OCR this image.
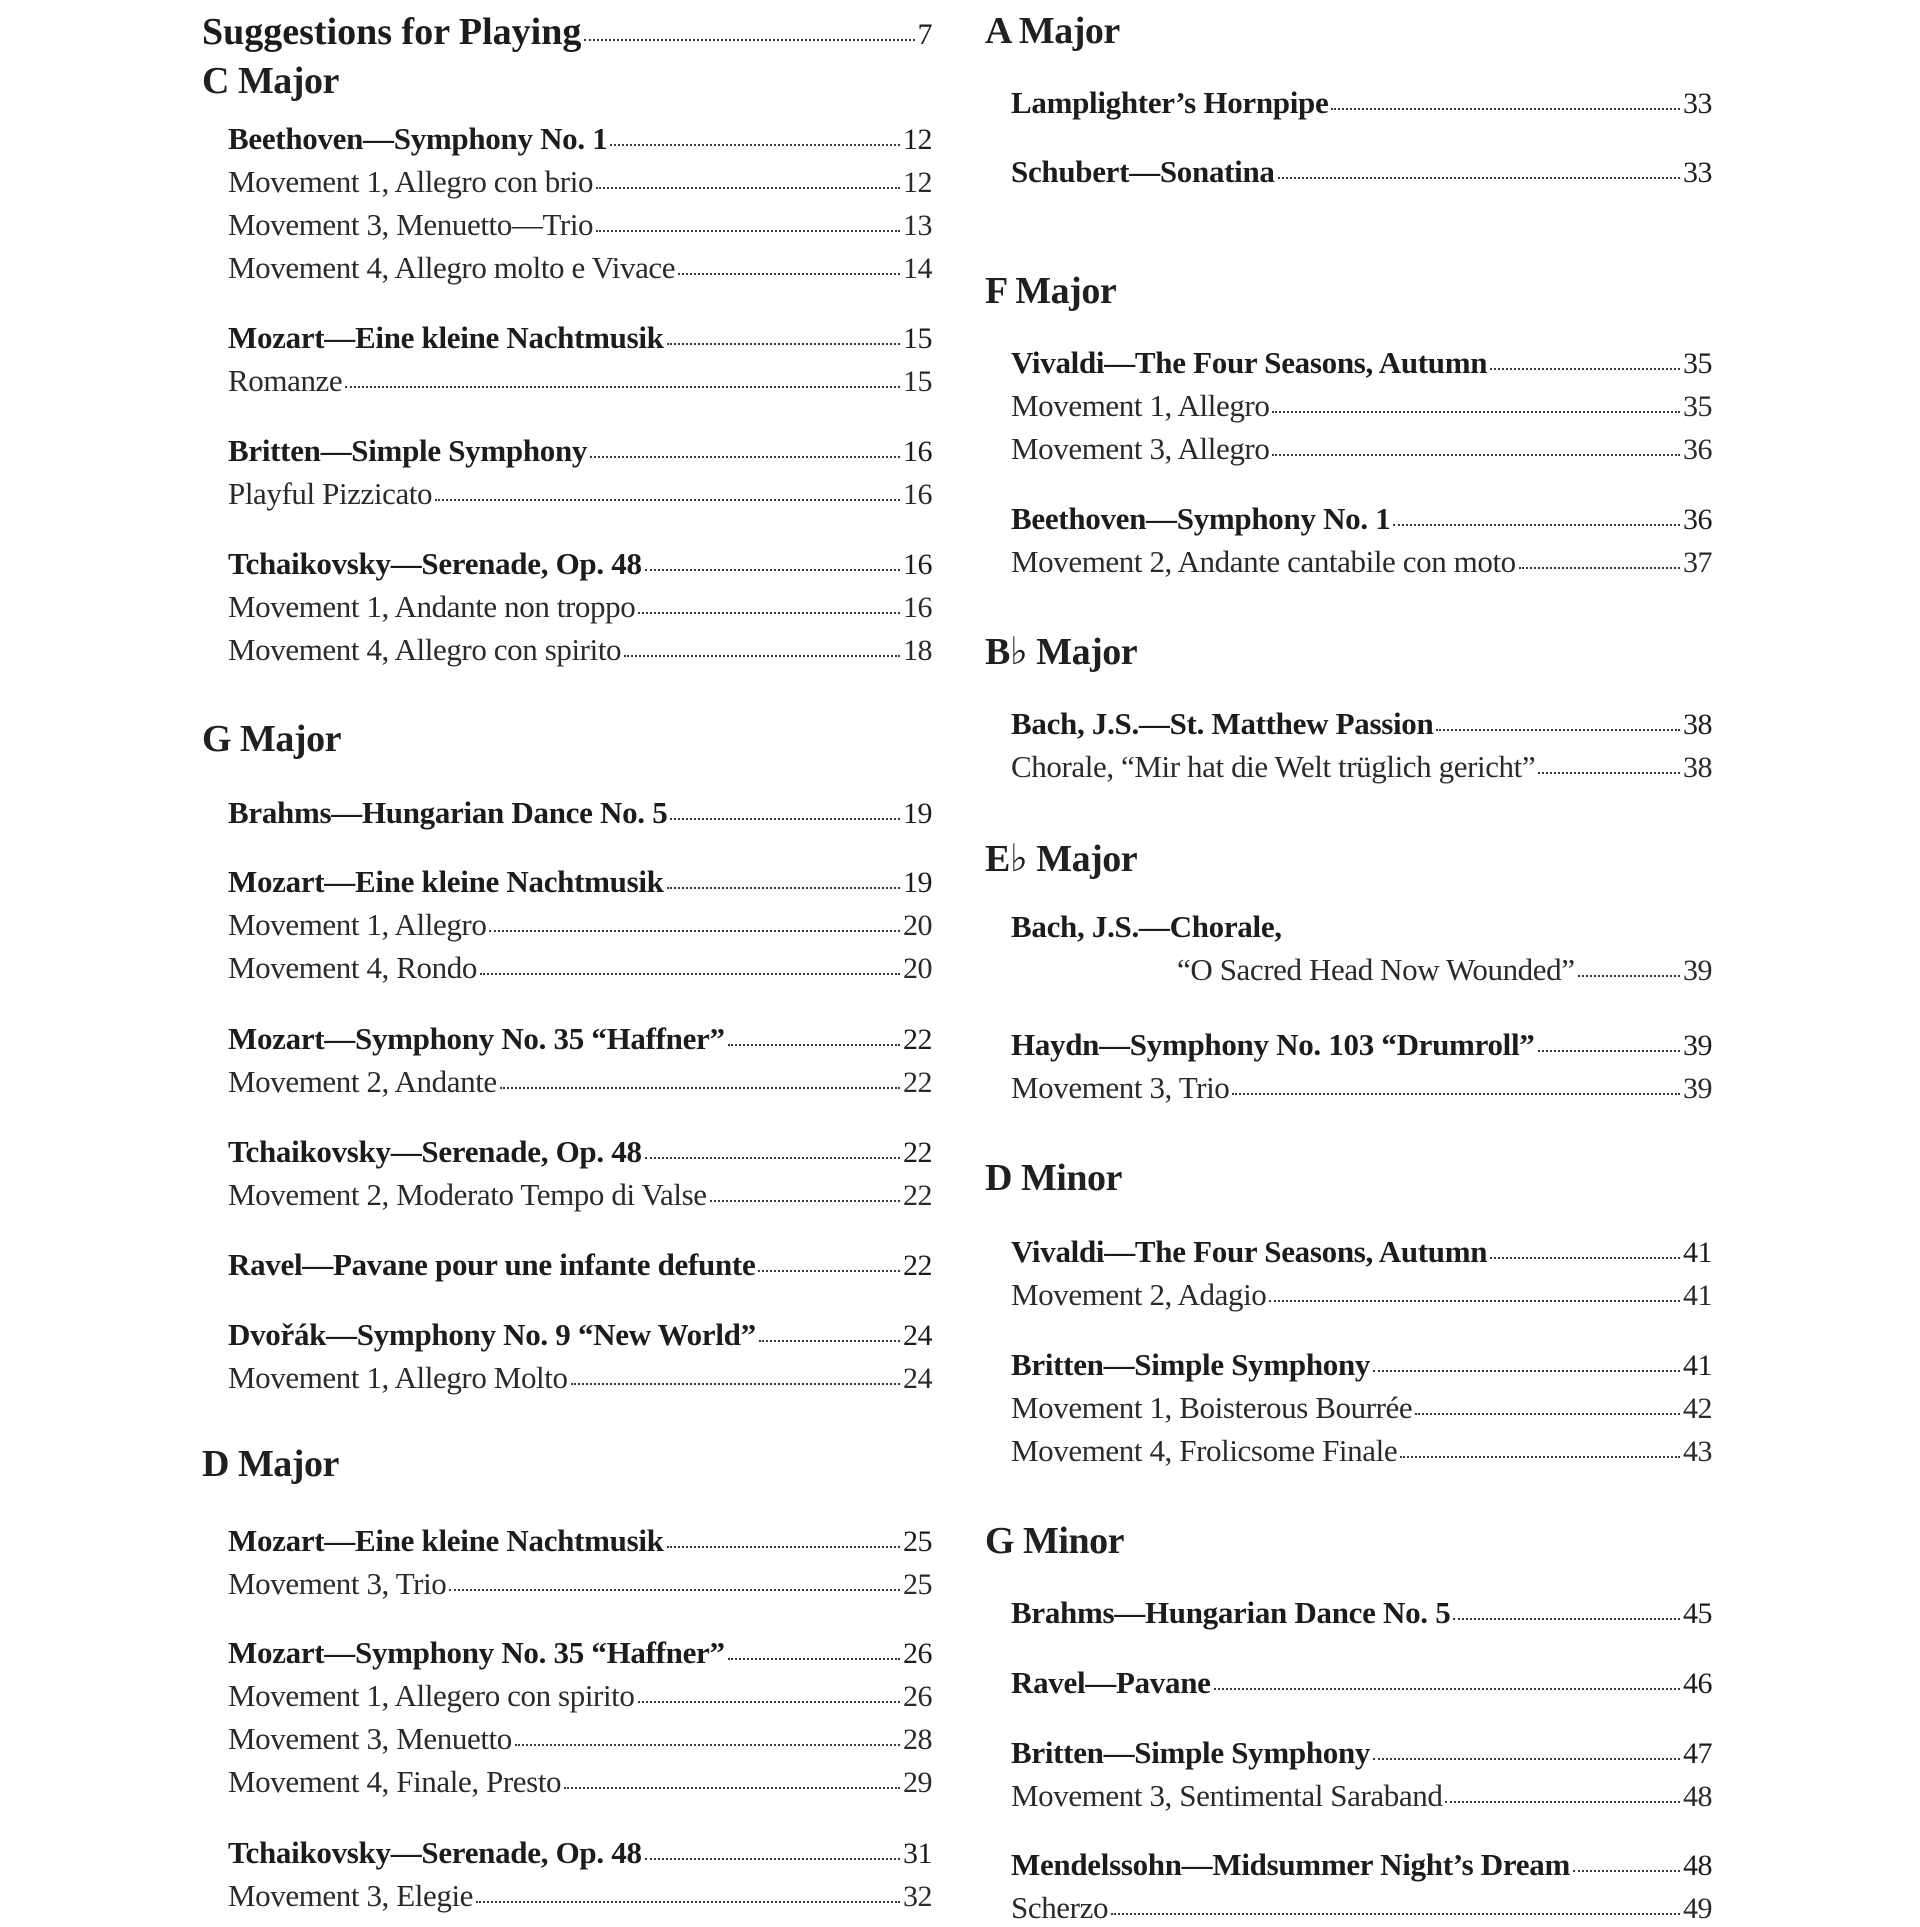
Suggestions for Playing	7
C Major
Beethoven—Symphony No. 1	12
Movement 1, Allegro con brio	12
Movement 3, Menuetto—Trio	13
Movement 4, Allegro molto e Vivace	14
Mozart—Eine kleine Nachtmusik	15
Romanze	15
Britten—Simple Symphony	16
Playful Pizzicato	16
Tchaikovsky—Serenade, Op. 48	16
Movement 1, Andante non troppo	16
Movement 4, Allegro con spirito	18
G Major
Brahms—Hungarian Dance No. 5	19
Mozart—Eine kleine Nachtmusik	19
Movement 1, Allegro	20
Movement 4, Rondo	20
Mozart—Symphony No. 35 “Haffner”	22
Movement 2, Andante	22
Tchaikovsky—Serenade, Op. 48	22
Movement 2, Moderato Tempo di Valse	22
Ravel—Pavane pour une infante defunte	22
Dvořák—Symphony No. 9 “New World”	24
Movement 1, Allegro Molto	24
D Major
Mozart—Eine kleine Nachtmusik	25
Movement 3, Trio	25
Mozart—Symphony No. 35 “Haffner”	26
Movement 1, Allegero con spirito	26
Movement 3, Menuetto	28
Movement 4, Finale, Presto	29
Tchaikovsky—Serenade, Op. 48	31
Movement 3, Elegie	32
A Major
Lamplighter’s Hornpipe	33
Schubert—Sonatina	33
F Major
Vivaldi—The Four Seasons, Autumn	35
Movement 1, Allegro	35
Movement 3, Allegro	36
Beethoven—Symphony No. 1	36
Movement 2, Andante cantabile con moto	37
B♭ Major
Bach, J.S.—St. Matthew Passion	38
Chorale, “Mir hat die Welt trüglich gericht”	38
E♭ Major
Bach, J.S.—Chorale,
“O Sacred Head Now Wounded”	39
Haydn—Symphony No. 103 “Drumroll”	39
Movement 3, Trio	39
D Minor
Vivaldi—The Four Seasons, Autumn	41
Movement 2, Adagio	41
Britten—Simple Symphony	41
Movement 1, Boisterous Bourrée	42
Movement 4, Frolicsome Finale	43
G Minor
Brahms—Hungarian Dance No. 5	45
Ravel—Pavane	46
Britten—Simple Symphony	47
Movement 3, Sentimental Saraband	48
Mendelssohn—Midsummer Night’s Dream	48
Scherzo	49
